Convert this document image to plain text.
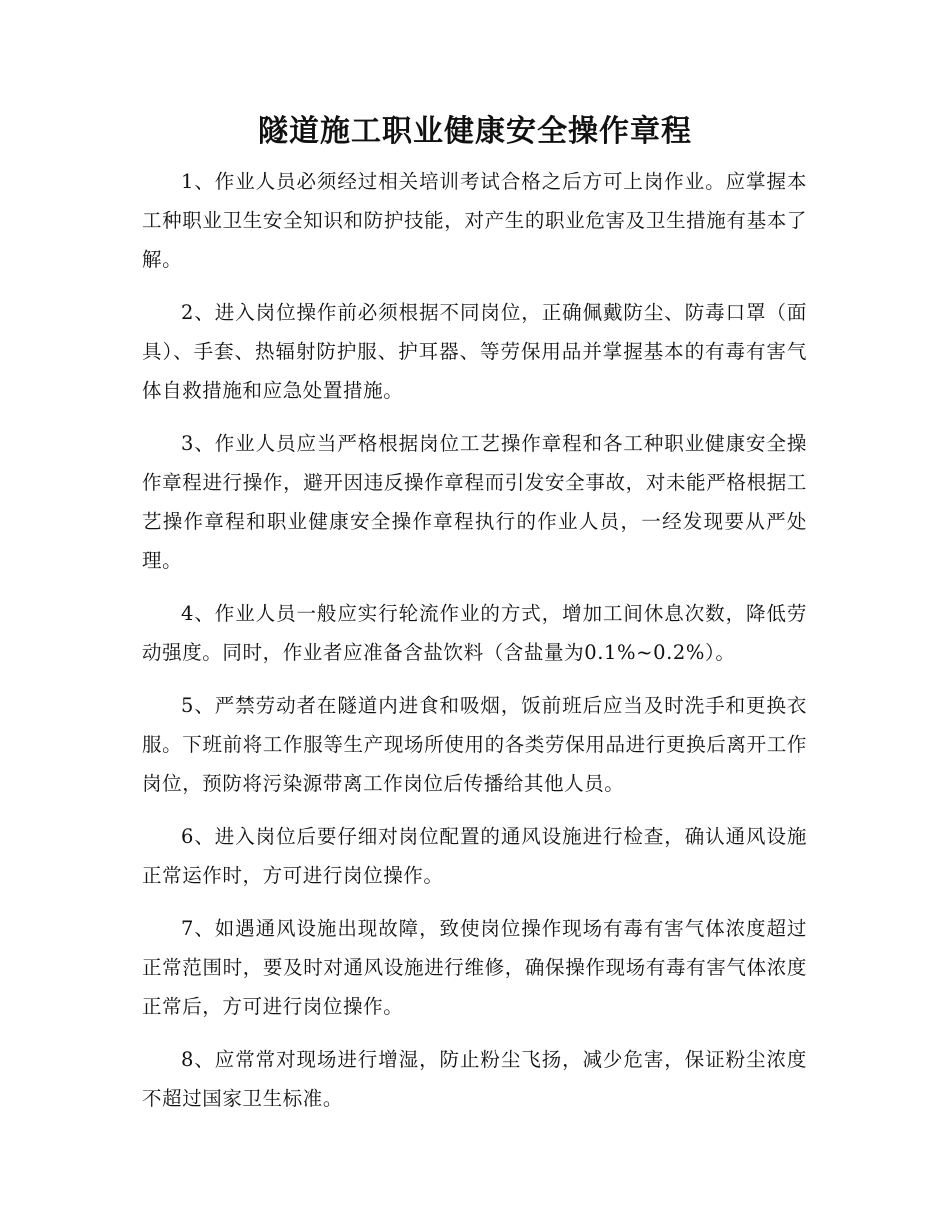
隧道施工职业健康安全操作章程

1、作业人员必须经过相关培训考试合格之后方可上岗作业。应掌握本工种职业卫生安全知识和防护技能，对产生的职业危害及卫生措施有基本了解。

2、进入岗位操作前必须根据不同岗位，正确佩戴防尘、防毒口罩（面具）、手套、热辐射防护服、护耳器、等劳保用品并掌握基本的有毒有害气体自救措施和应急处置措施。

3、作业人员应当严格根据岗位工艺操作章程和各工种职业健康安全操作章程进行操作，避开因违反操作章程而引发安全事故，对未能严格根据工艺操作章程和职业健康安全操作章程执行的作业人员，一经发现要从严处理。

4、作业人员一般应实行轮流作业的方式，增加工间休息次数，降低劳动强度。同时，作业者应准备含盐饮料（含盐量为0.1%~0.2%）。

5、严禁劳动者在隧道内进食和吸烟，饭前班后应当及时洗手和更换衣服。下班前将工作服等生产现场所使用的各类劳保用品进行更换后离开工作岗位，预防将污染源带离工作岗位后传播给其他人员。

6、进入岗位后要仔细对岗位配置的通风设施进行检查，确认通风设施正常运作时，方可进行岗位操作。

7、如遇通风设施出现故障，致使岗位操作现场有毒有害气体浓度超过正常范围时，要及时对通风设施进行维修，确保操作现场有毒有害气体浓度正常后，方可进行岗位操作。

8、应常常对现场进行增湿，防止粉尘飞扬，减少危害，保证粉尘浓度不超过国家卫生标准。
